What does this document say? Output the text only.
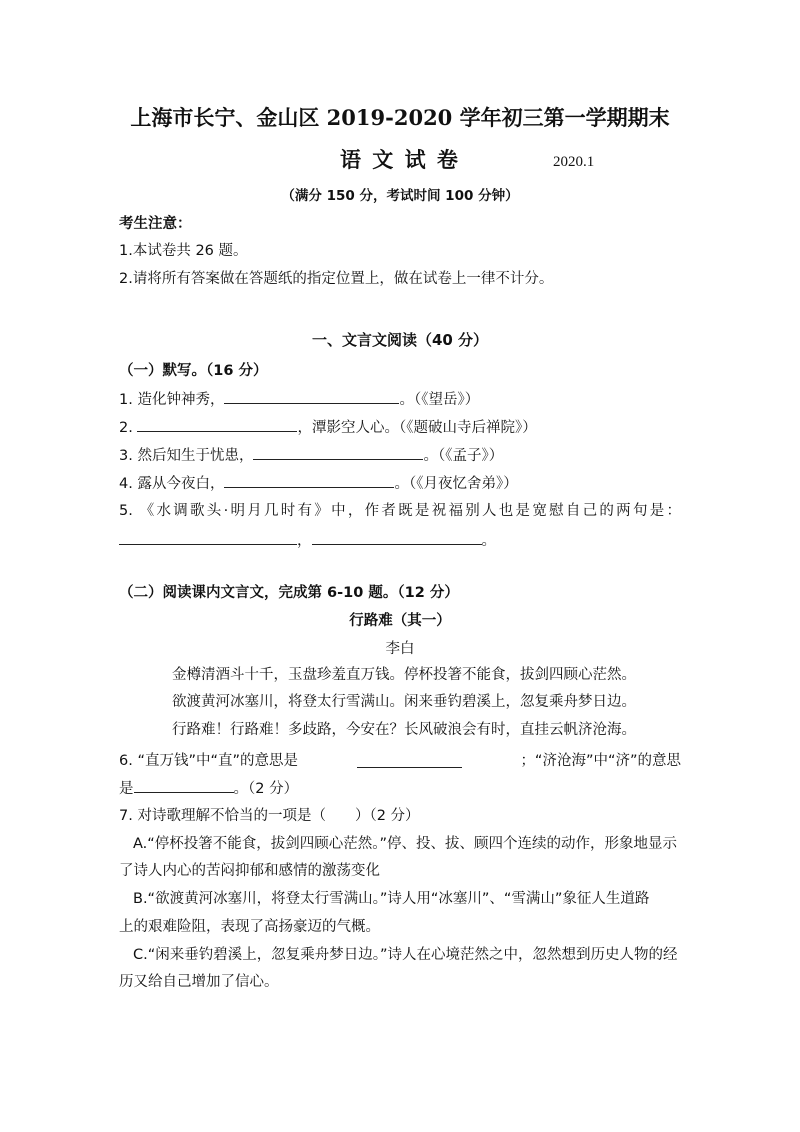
上海市长宁、金山区 2019-2020 学年初三第一学期期末
语 文 试 卷	2020.1
（满分 150 分，考试时间 100 分钟）
考生注意：
1.本试卷共 26 题。
2.请将所有答案做在答题纸的指定位置上，做在试卷上一律不计分。
一、文言文阅读（40 分）
（一）默写。（16 分）
1. 造化钟神秀，	。（《望岳》）
2.	，潭影空人心。（《题破山寺后禅院》）
3. 然后知生于忧患，	。（《孟子》）
4. 露从今夜白，	。（《月夜忆舍弟》）
5. 《水调歌头·明月几时有》中，作者既是祝福别人也是宽慰自己的两句是：
，	。
（二）阅读课内文言文，完成第 6-10 题。（12 分）
行路难（其一）
李白
金樽清酒斗十千，玉盘珍羞直万钱。停杯投箸不能食，拔剑四顾心茫然。
欲渡黄河冰塞川，将登太行雪满山。闲来垂钓碧溪上，忽复乘舟梦日边。
行路难！行路难！多歧路，今安在？长风破浪会有时，直挂云帆济沧海。
6. “直万钱”中“直”的意思是	；“济沧海”中“济”的意思
是	。（2 分）
7. 对诗歌理解不恰当的一项是（　　）（2 分）
A.“停杯投箸不能食，拔剑四顾心茫然。”停、投、拔、顾四个连续的动作，形象地显示
了诗人内心的苦闷抑郁和感情的激荡变化
B.“欲渡黄河冰塞川，将登太行雪满山。”诗人用“冰塞川”、“雪满山”象征人生道路
上的艰难险阻，表现了高扬豪迈的气概。
C.“闲来垂钓碧溪上，忽复乘舟梦日边。”诗人在心境茫然之中，忽然想到历史人物的经
历又给自己增加了信心。
